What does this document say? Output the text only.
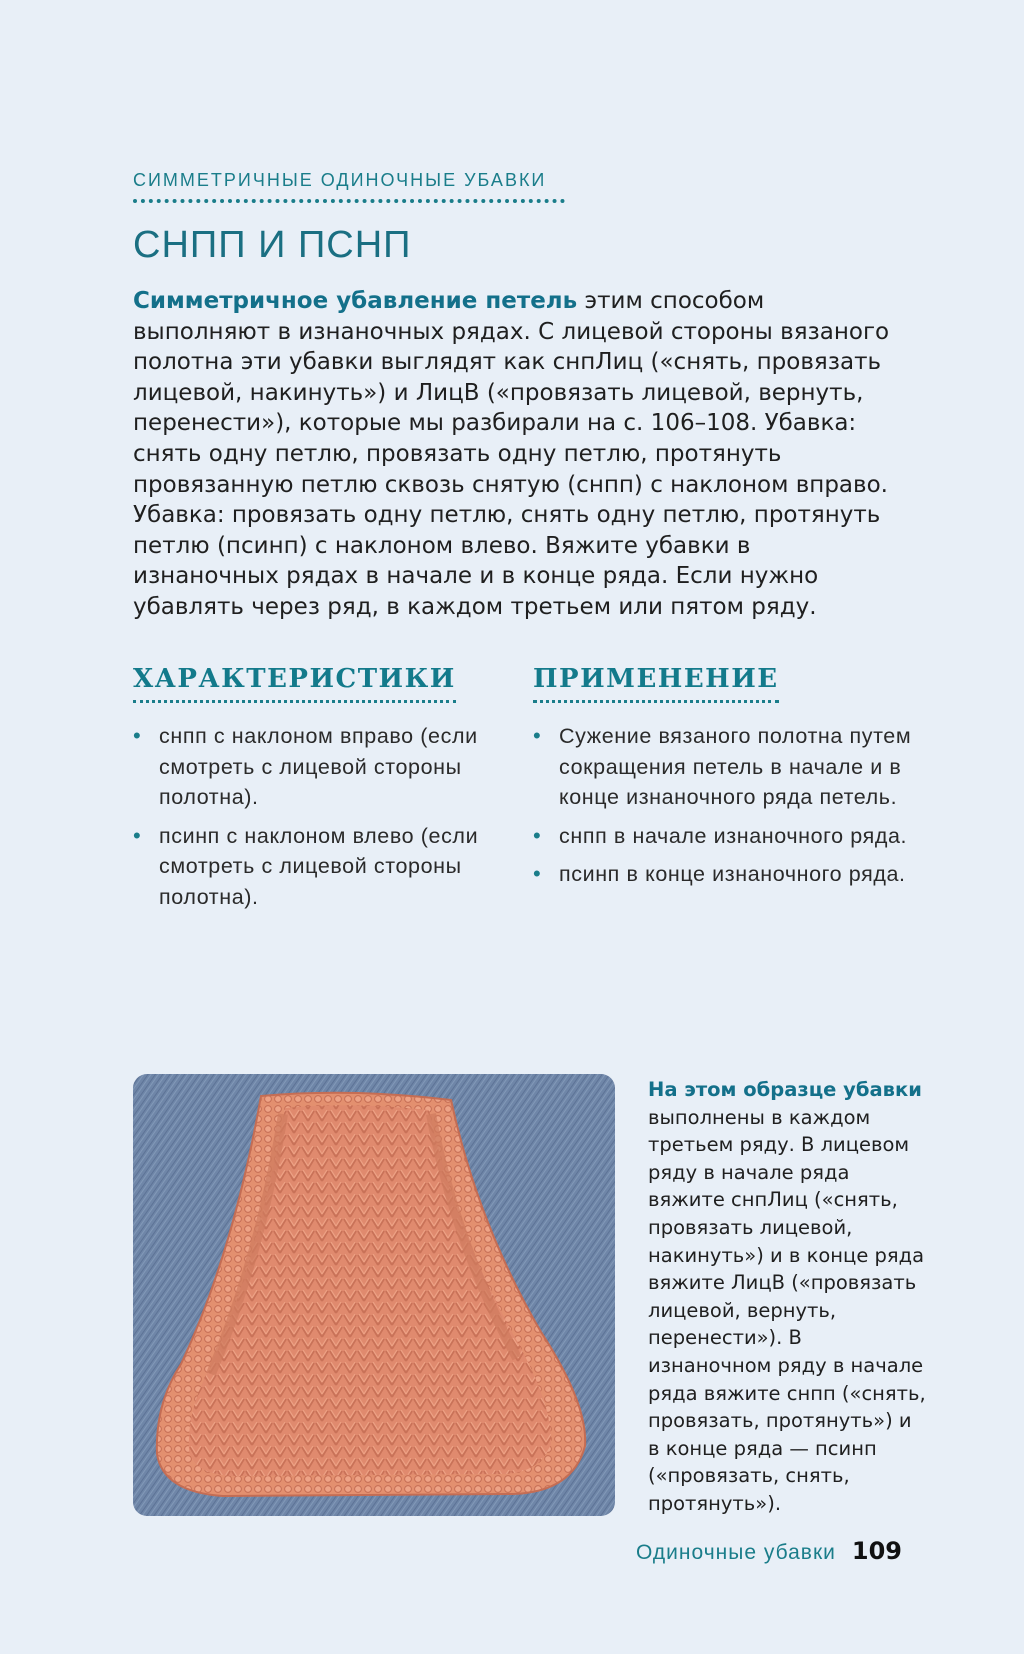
СИММЕТРИЧНЫЕ ОДИНОЧНЫЕ УБАВКИ
СНПП И ПСНП
Симметричное убавление петель этим способом выполняют в изнаночных рядах. С лицевой стороны вязаного полотна эти убавки выглядят как снпЛиц («снять, провязать лицевой, накинуть») и ЛицВ («провязать лицевой, вернуть, перенести»), которые мы разбирали на с. 106–108. Убавка: снять одну петлю, провязать одну петлю, протянуть провязанную петлю сквозь снятую (снпп) с наклоном вправо. Убавка: провязать одну петлю, снять одну петлю, протянуть петлю (псинп) с наклоном влево. Вяжите убавки в изнаночных рядах в начале и в конце ряда. Если нужно убавлять через ряд, в каждом третьем или пятом ряду.
ХАРАКТЕРИСТИКИ
• снпп с наклоном вправо (если смотреть с лицевой стороны полотна).
• псинп с наклоном влево (если смотреть с лицевой стороны полотна).
ПРИМЕНЕНИЕ
• Сужение вязаного полотна путем сокращения петель в начале и в конце изнаночного ряда петель.
• снпп в начале изнаночного ряда.
• псинп в конце изнаночного ряда.
На этом образце убавки выполнены в каждом третьем ряду. В лицевом ряду в начале ряда вяжите снпЛиц («снять, провязать лицевой, накинуть») и в конце ряда вяжите ЛицВ («провязать лицевой, вернуть, перенести»). В изнаночном ряду в начале ряда вяжите снпп («снять, провязать, протянуть») и в конце ряда — псинп («провязать, снять, протянуть»).
Одиночные убавки 109
